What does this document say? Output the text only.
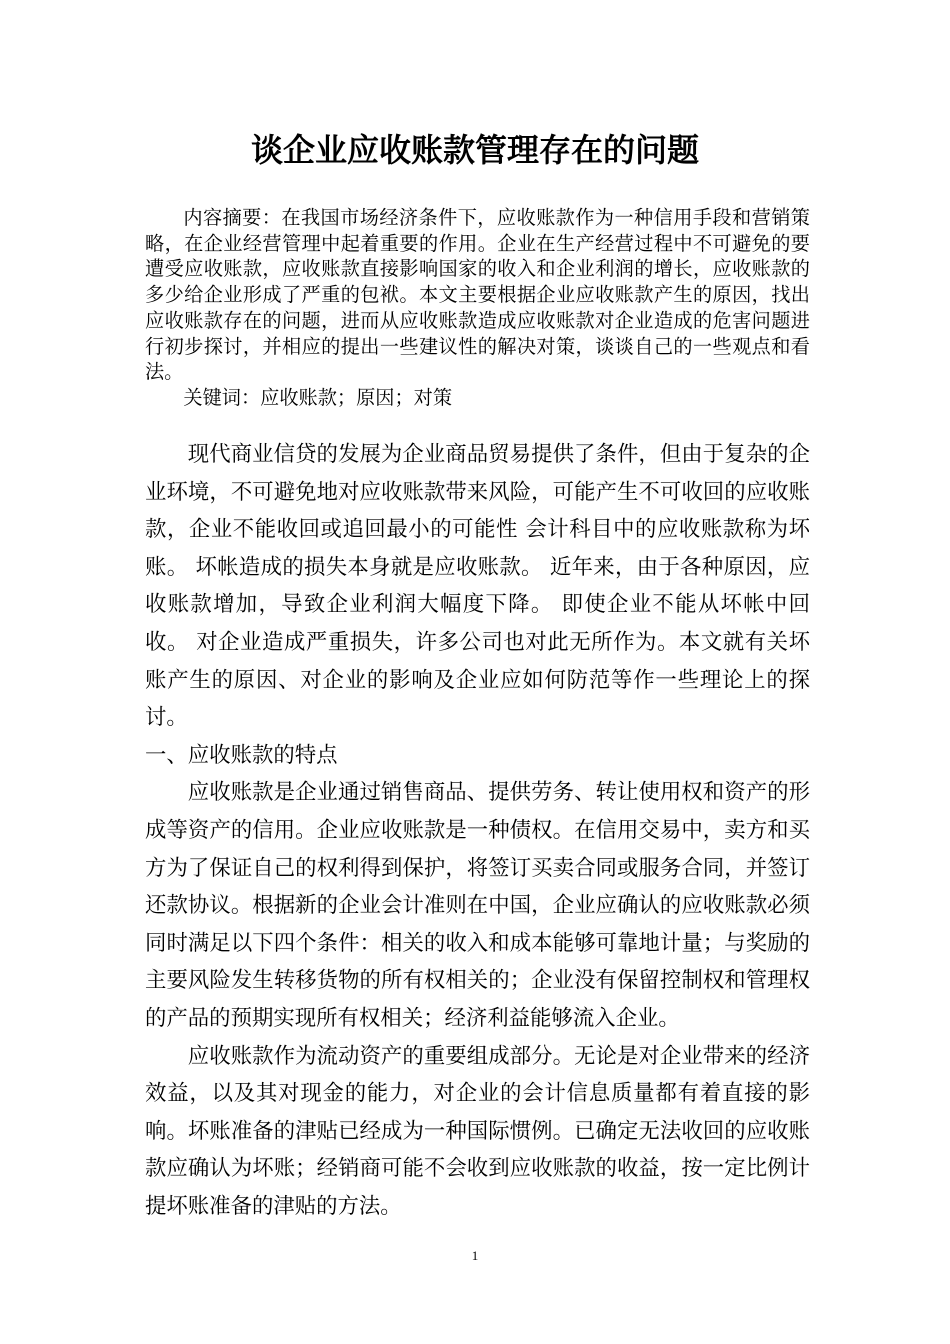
谈企业应收账款管理存在的问题

内容摘要：在我国市场经济条件下，应收账款作为一种信用手段和营销策略，在企业经营管理中起着重要的作用。企业在生产经营过程中不可避免的要遭受应收账款，应收账款直接影响国家的收入和企业利润的增长，应收账款的多少给企业形成了严重的包袱。本文主要根据企业应收账款产生的原因，找出应收账款存在的问题，进而从应收账款造成应收账款对企业造成的危害问题进行初步探讨，并相应的提出一些建议性的解决对策，谈谈自己的一些观点和看法。

关键词：应收账款；原因；对策

现代商业信贷的发展为企业商品贸易提供了条件，但由于复杂的企业环境，不可避免地对应收账款带来风险，可能产生不可收回的应收账款，企业不能收回或追回最小的可能性 会计科目中的应收账款称为坏账。 坏帐造成的损失本身就是应收账款。 近年来，由于各种原因，应收账款增加，导致企业利润大幅度下降。 即使企业不能从坏帐中回收。 对企业造成严重损失，许多公司也对此无所作为。本文就有关坏账产生的原因、对企业的影响及企业应如何防范等作一些理论上的探讨。

一、应收账款的特点

应收账款是企业通过销售商品、提供劳务、转让使用权和资产的形成等资产的信用。企业应收账款是一种债权。在信用交易中，卖方和买方为了保证自己的权利得到保护，将签订买卖合同或服务合同，并签订还款协议。根据新的企业会计准则在中国，企业应确认的应收账款必须同时满足以下四个条件：相关的收入和成本能够可靠地计量；与奖励的主要风险发生转移货物的所有权相关的；企业没有保留控制权和管理权的产品的预期实现所有权相关；经济利益能够流入企业。

应收账款作为流动资产的重要组成部分。无论是对企业带来的经济效益，以及其对现金的能力，对企业的会计信息质量都有着直接的影响。坏账准备的津贴已经成为一种国际惯例。已确定无法收回的应收账款应确认为坏账；经销商可能不会收到应收账款的收益，按一定比例计提坏账准备的津贴的方法。

1
